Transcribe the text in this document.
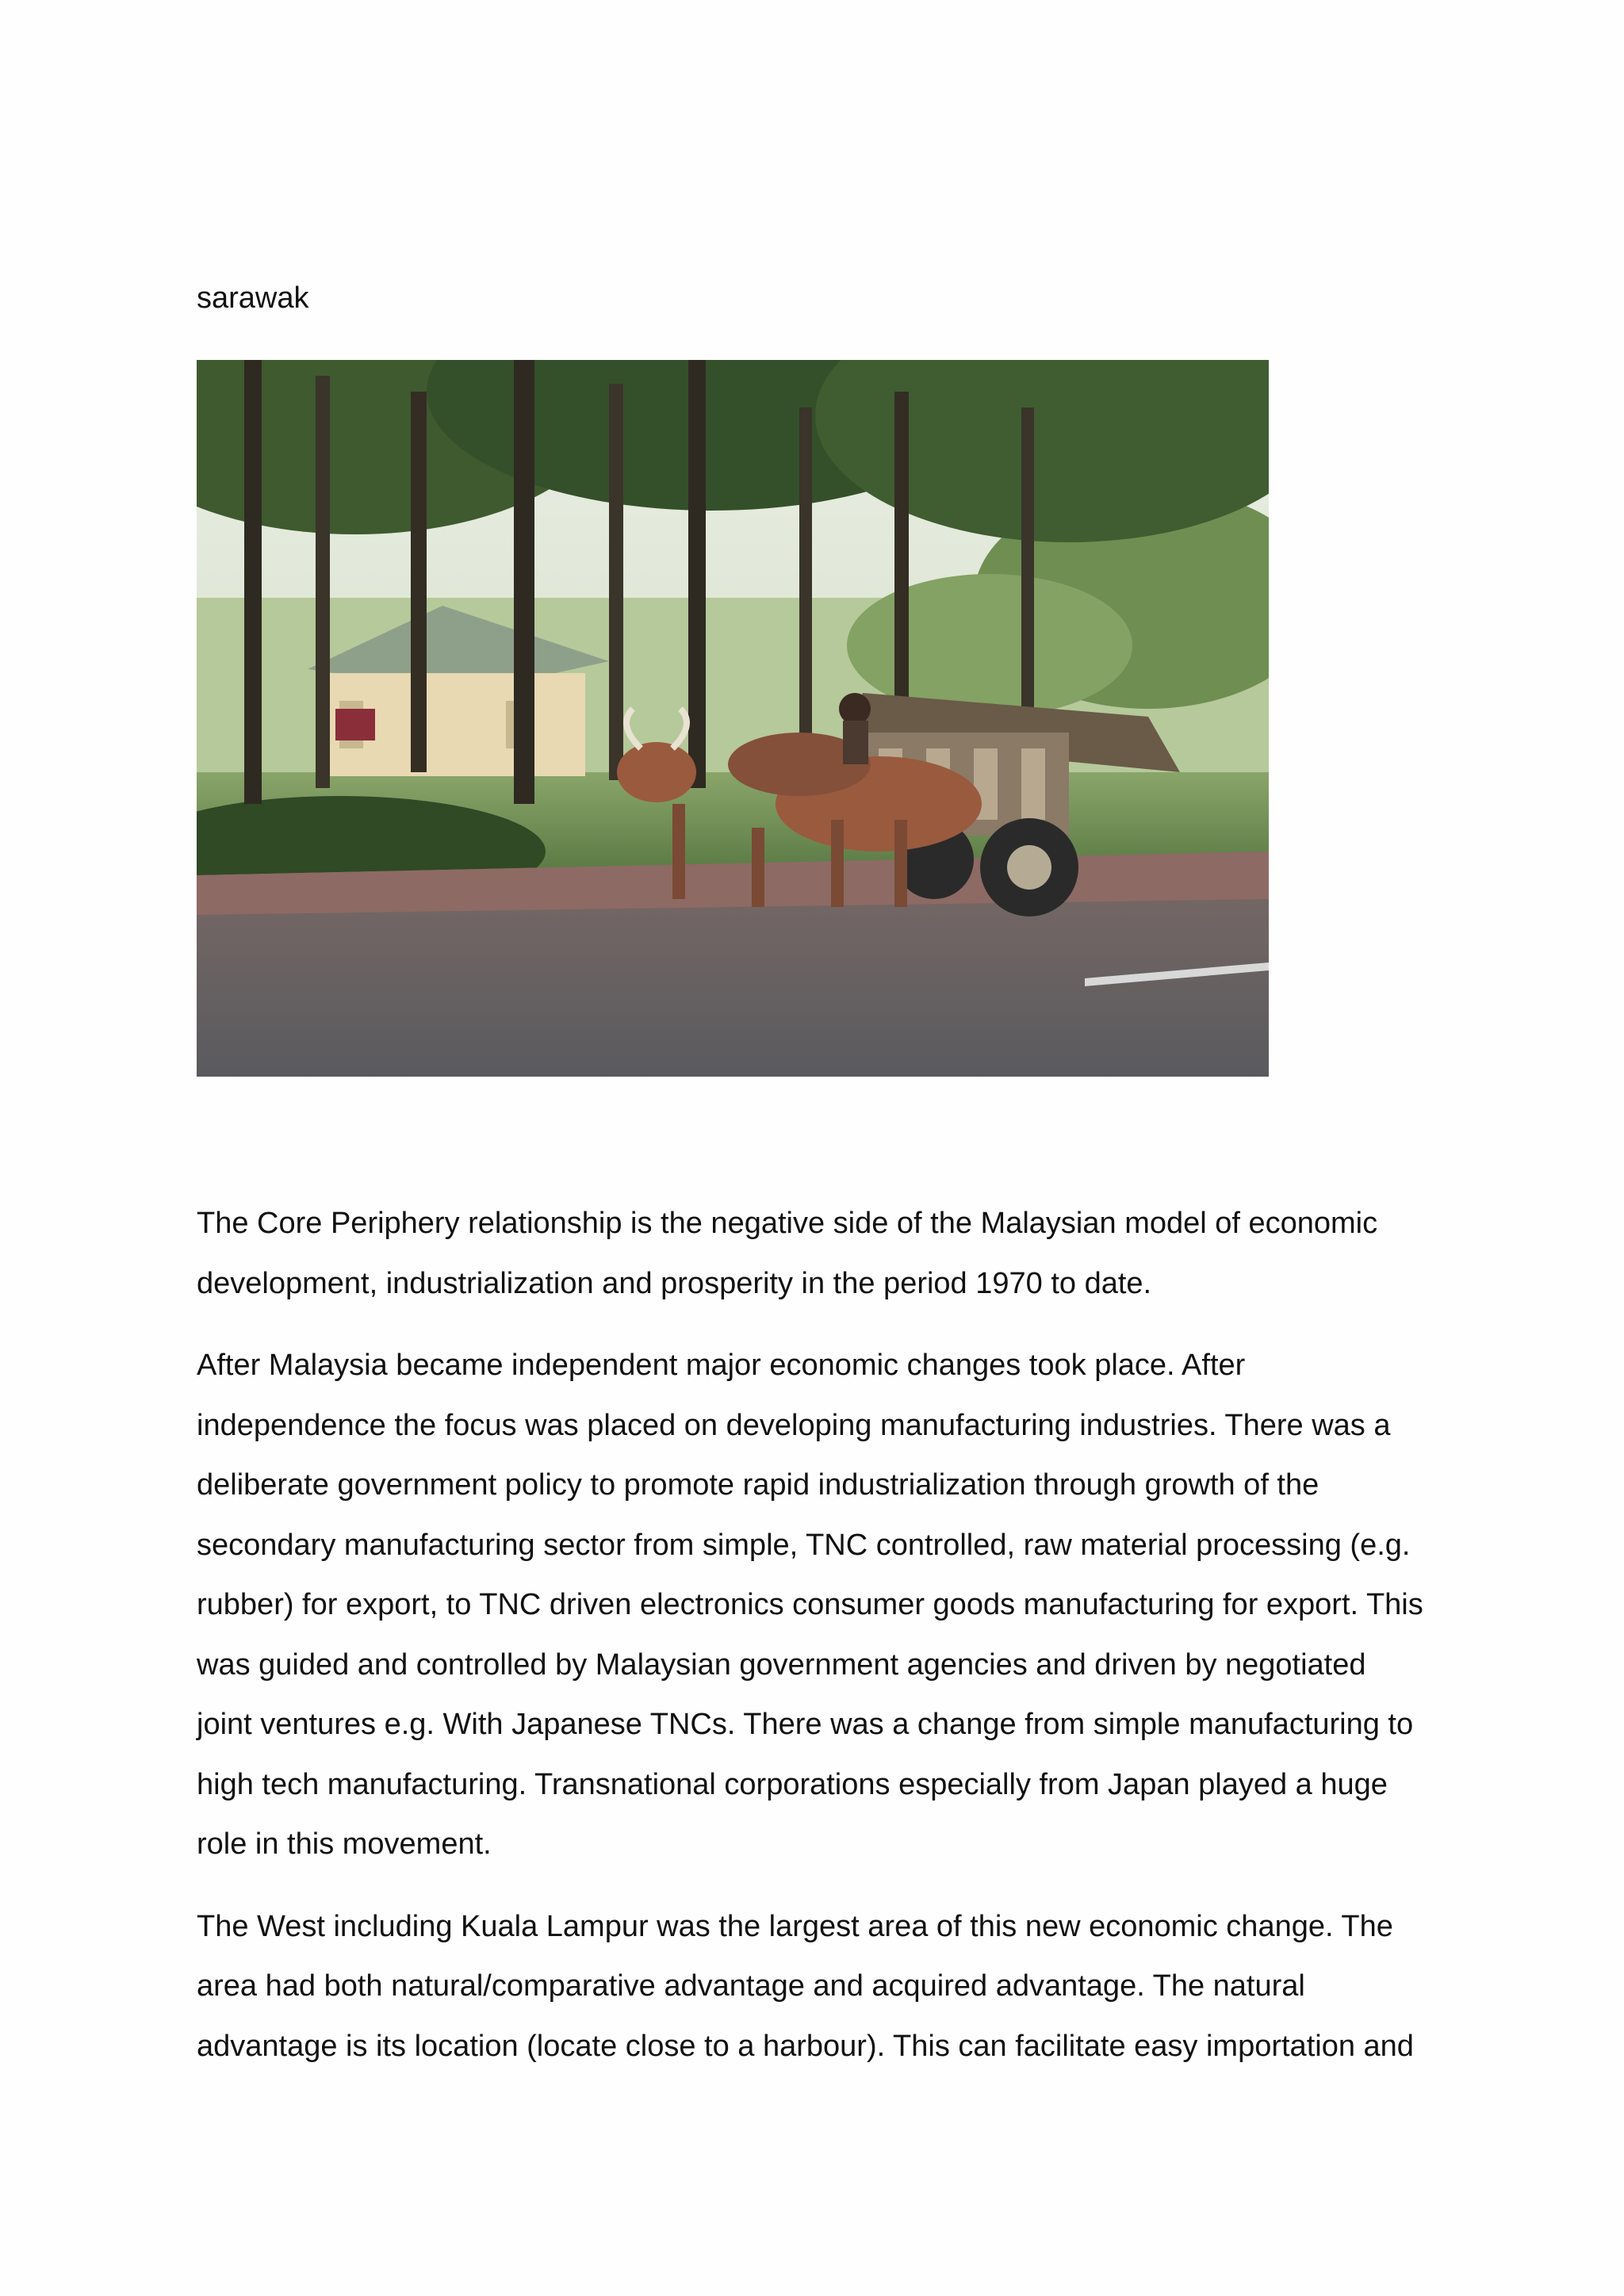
sarawak

The Core Periphery relationship is the negative side of the Malaysian model of economic
development, industrialization and prosperity in the period 1970 to date.

After Malaysia became independent major economic changes took place. After
independence the focus was placed on developing manufacturing industries. There was a
deliberate government policy to promote rapid industrialization through growth of the
secondary manufacturing sector from simple, TNC controlled, raw material processing (e.g.
rubber) for export, to TNC driven electronics consumer goods manufacturing for export. This
was guided and controlled by Malaysian government agencies and driven by negotiated
joint ventures e.g. With Japanese TNCs. There was a change from simple manufacturing to
high tech manufacturing. Transnational corporations especially from Japan played a huge
role in this movement.

The West including Kuala Lampur was the largest area of this new economic change. The
area had both natural/comparative advantage and acquired advantage. The natural
advantage is its location (locate close to a harbour). This can facilitate easy importation and
